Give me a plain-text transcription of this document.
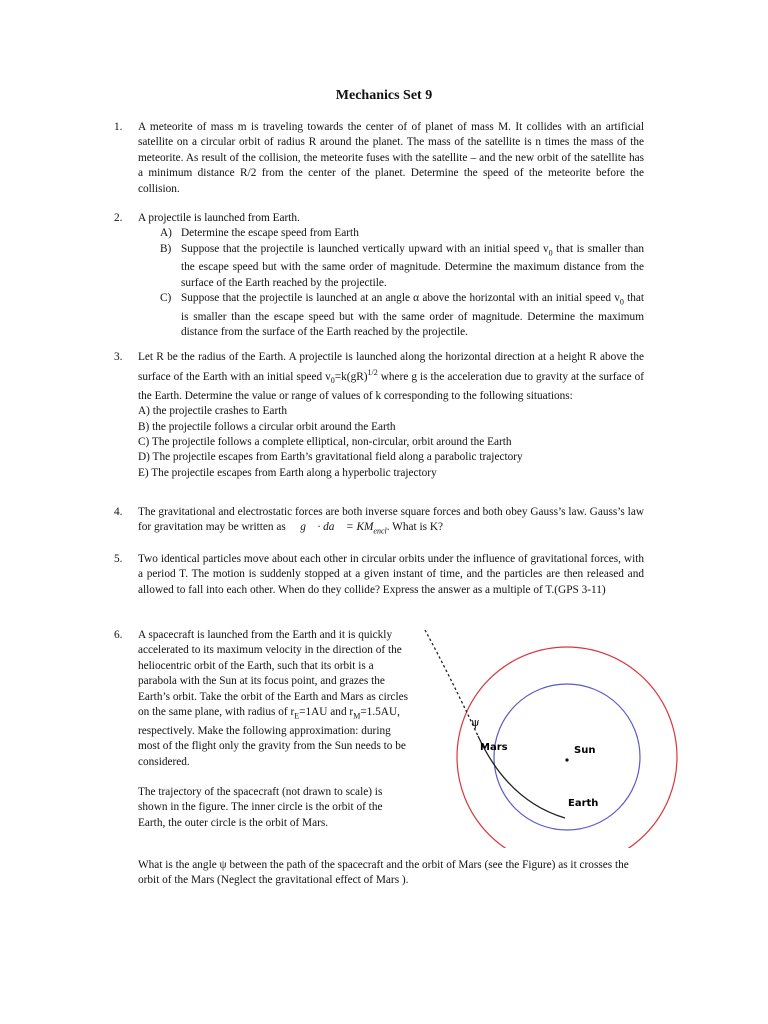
Mechanics Set 9
1.	A meteorite of mass m is traveling towards the center of of planet of mass M. It collides with an artificial satellite on a circular orbit of radius R around the planet. The mass of the satellite is n times the mass of the meteorite. As result of the collision, the meteorite fuses with the satellite – and the new orbit of the satellite has a minimum distance R/2 from the center of the planet. Determine the speed of the meteorite before the collision.
2.	A projectile is launched from Earth.
A) Determine the escape speed from Earth
B) Suppose that the projectile is launched vertically upward with an initial speed $v_0$ that is smaller than the escape speed but with the same order of magnitude. Determine the maximum distance from the surface of the Earth reached by the projectile.
C) Suppose that the projectile is launched at an angle α above the horizontal with an initial speed $v_0$ that is smaller than the escape speed but with the same order of magnitude. Determine the maximum distance from the surface of the Earth reached by the projectile.
3.	Let R be the radius of the Earth. A projectile is launched along the horizontal direction at a height R above the surface of the Earth with an initial speed $v_0=k(gR)^{1/2}$ where g is the acceleration due to gravity at the surface of the Earth. Determine the value or range of values of k corresponding to the following situations:
A) the projectile crashes to Earth
B) the projectile follows a circular orbit around the Earth
C) The projectile follows a complete elliptical, non-circular, orbit around the Earth
D) The projectile escapes from Earth’s gravitational field along a parabolic trajectory
E) The projectile escapes from Earth along a hyperbolic trajectory
4.	The gravitational and electrostatic forces are both inverse square forces and both obey Gauss’s law. Gauss’s law for gravitation may be written as ∮ g⃗ · da⃗ = $KM_{encl}$. What is K?
5.	Two identical particles move about each other in circular orbits under the influence of gravitational forces, with a period T. The motion is suddenly stopped at a given instant of time, and the particles are then released and allowed to fall into each other. When do they collide? Express the answer as a multiple of T.(GPS 3-11)
6.	A spacecraft is launched from the Earth and it is quickly accelerated to its maximum velocity in the direction of the heliocentric orbit of the Earth, such that its orbit is a parabola with the Sun at its focus point, and grazes the Earth’s orbit. Take the orbit of the Earth and Mars as circles on the same plane, with radius of $r_E=1AU$ and $r_M=1.5AU$, respectively. Make the following approximation: during most of the flight only the gravity from the Sun needs to be considered.
The trajectory of the spacecraft (not drawn to scale) is shown in the figure. The inner circle is the orbit of the Earth, the outer circle is the orbit of Mars.
What is the angle ψ between the path of the spacecraft and the orbit of Mars (see the Figure) as it crosses the orbit of the Mars (Neglect the gravitational effect of Mars ).
ψ
Mars	Sun
Earth
